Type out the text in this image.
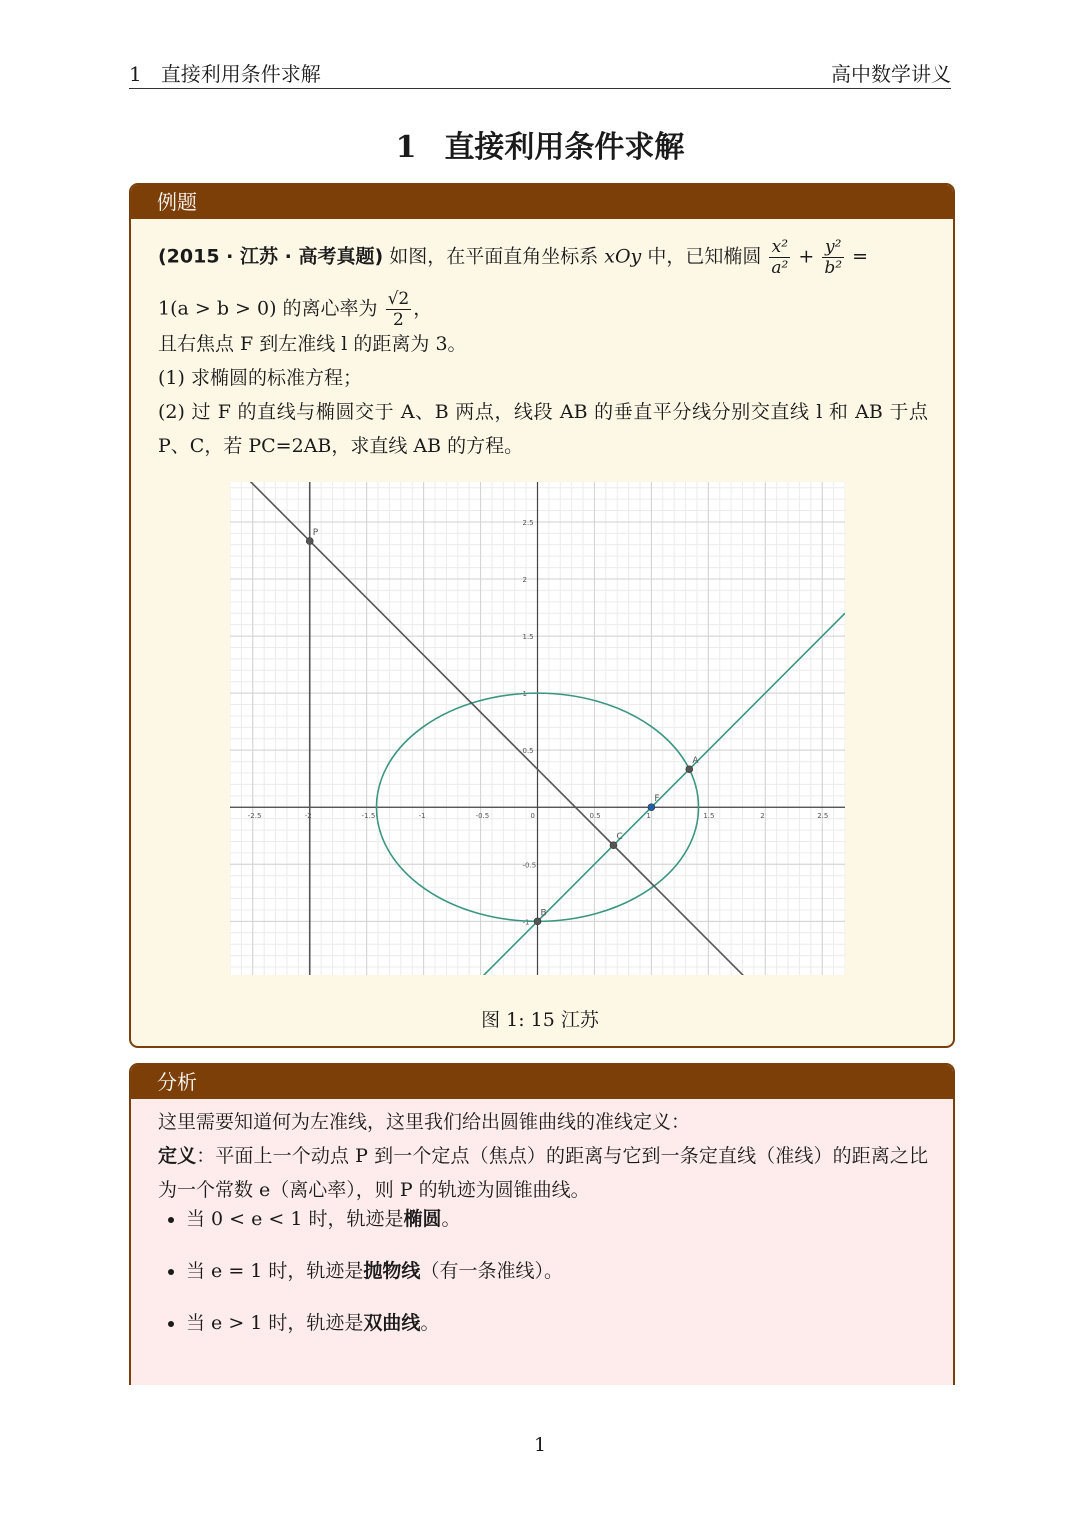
1   直接利用条件求解	高中数学讲义
1 直接利用条件求解
例题
(2015 · 江苏 · 高考真题) 如图，在平面直角坐标系 xOy 中，已知椭圆 $\frac{\text{x²}}{\text{a²}} + \frac{\text{y²}}{\text{b²}}$ =
1(a > b > 0) 的离心率为 $\frac{√2}{2}$ ，
且右焦点 F 到左准线 l 的距离为 3。
(1) 求椭圆的标准方程；
(2) 过 F 的直线与椭圆交于 A、B 两点，线段 AB 的垂直平分线分别交直线 l 和 AB 于点 P、C，若 PC=2AB，求直线 AB 的方程。
-2.5	-2	-1.5	-1	-0.5	0	0.5	1	1.5	2	2.5
-1
-0.5
0.5
1
1.5
2
2.5
P
A
F
C
B
图 1: 15 江苏
分析
这里需要知道何为左准线，这里我们给出圆锥曲线的准线定义：
定义：平面上一个动点 P 到一个定点（焦点）的距离与它到一条定直线（准线）的距离之比为一个常数 e（离心率），则 P 的轨迹为圆锥曲线。
• 当 0 < e < 1 时，轨迹是椭圆。
• 当 e = 1 时，轨迹是抛物线（有一条准线）。
• 当 e > 1 时，轨迹是双曲线。
1
